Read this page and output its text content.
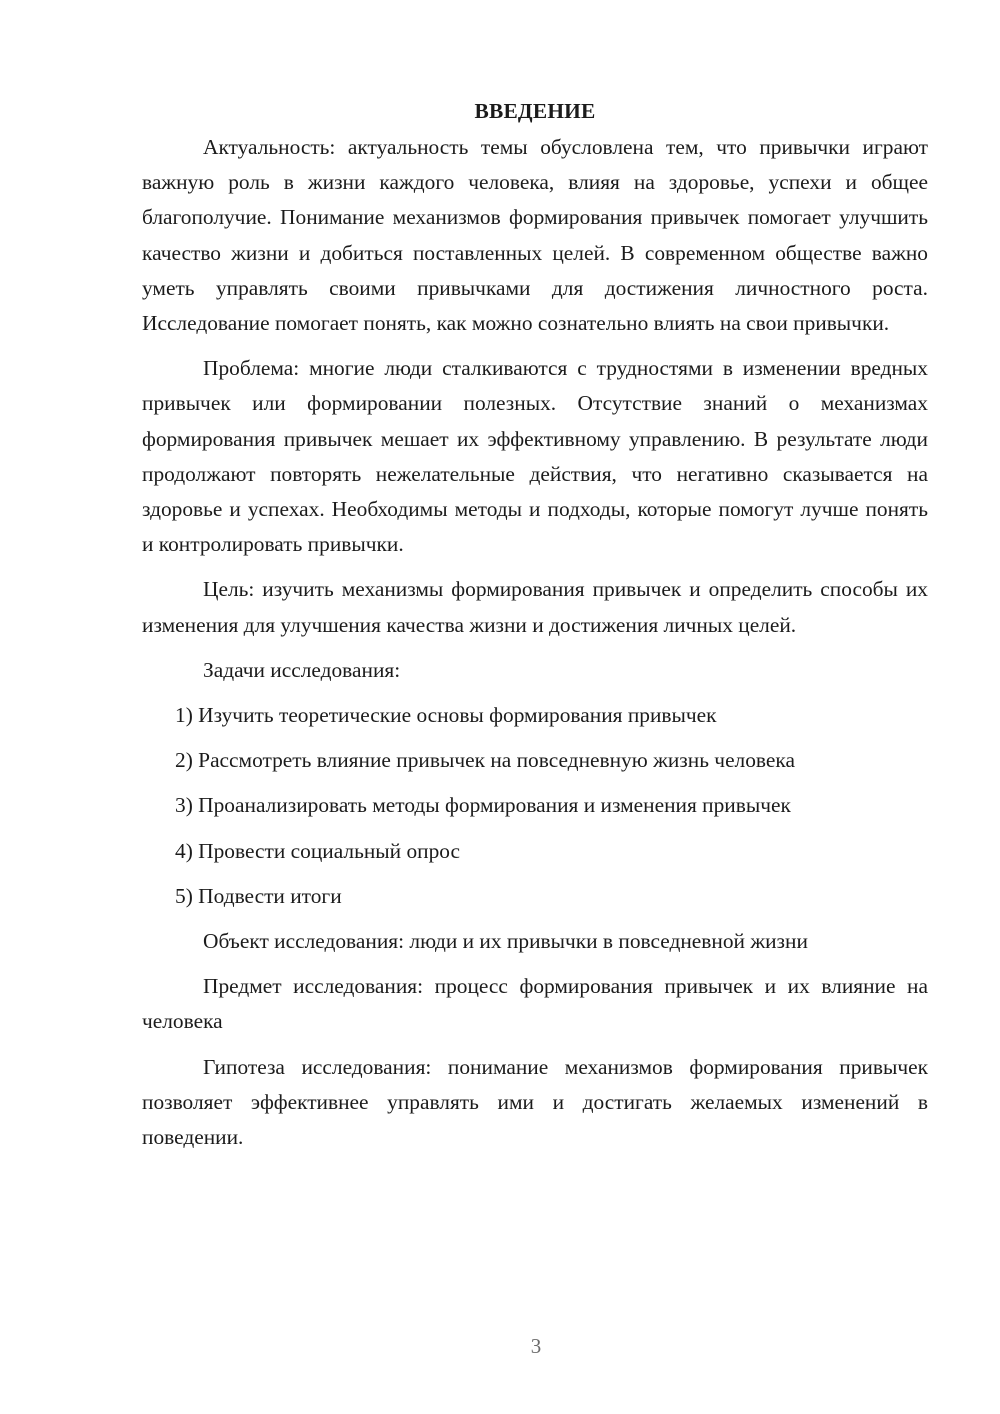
ВВЕДЕНИЕ

Актуальность: актуальность темы обусловлена тем, что привычки играют важную роль в жизни каждого человека, влияя на здоровье, успехи и общее благополучие. Понимание механизмов формирования привычек помогает улучшить качество жизни и добиться поставленных целей. В современном обществе важно уметь управлять своими привычками для достижения личностного роста. Исследование помогает понять, как можно сознательно влиять на свои привычки.

Проблема: многие люди сталкиваются с трудностями в изменении вредных привычек или формировании полезных. Отсутствие знаний о механизмах формирования привычек мешает их эффективному управлению. В результате люди продолжают повторять нежелательные действия, что негативно сказывается на здоровье и успехах. Необходимы методы и подходы, которые помогут лучше понять и контролировать привычки.

Цель: изучить механизмы формирования привычек и определить способы их изменения для улучшения качества жизни и достижения личных целей.

Задачи исследования:

1) Изучить теоретические основы формирования привычек
2) Рассмотреть влияние привычек на повседневную жизнь человека
3) Проанализировать методы формирования и изменения привычек
4) Провести социальный опрос
5) Подвести итоги

Объект исследования: люди и их привычки в повседневной жизни

Предмет исследования: процесс формирования привычек и их влияние на человека

Гипотеза исследования: понимание механизмов формирования привычек позволяет эффективнее управлять ими и достигать желаемых изменений в поведении.

3
